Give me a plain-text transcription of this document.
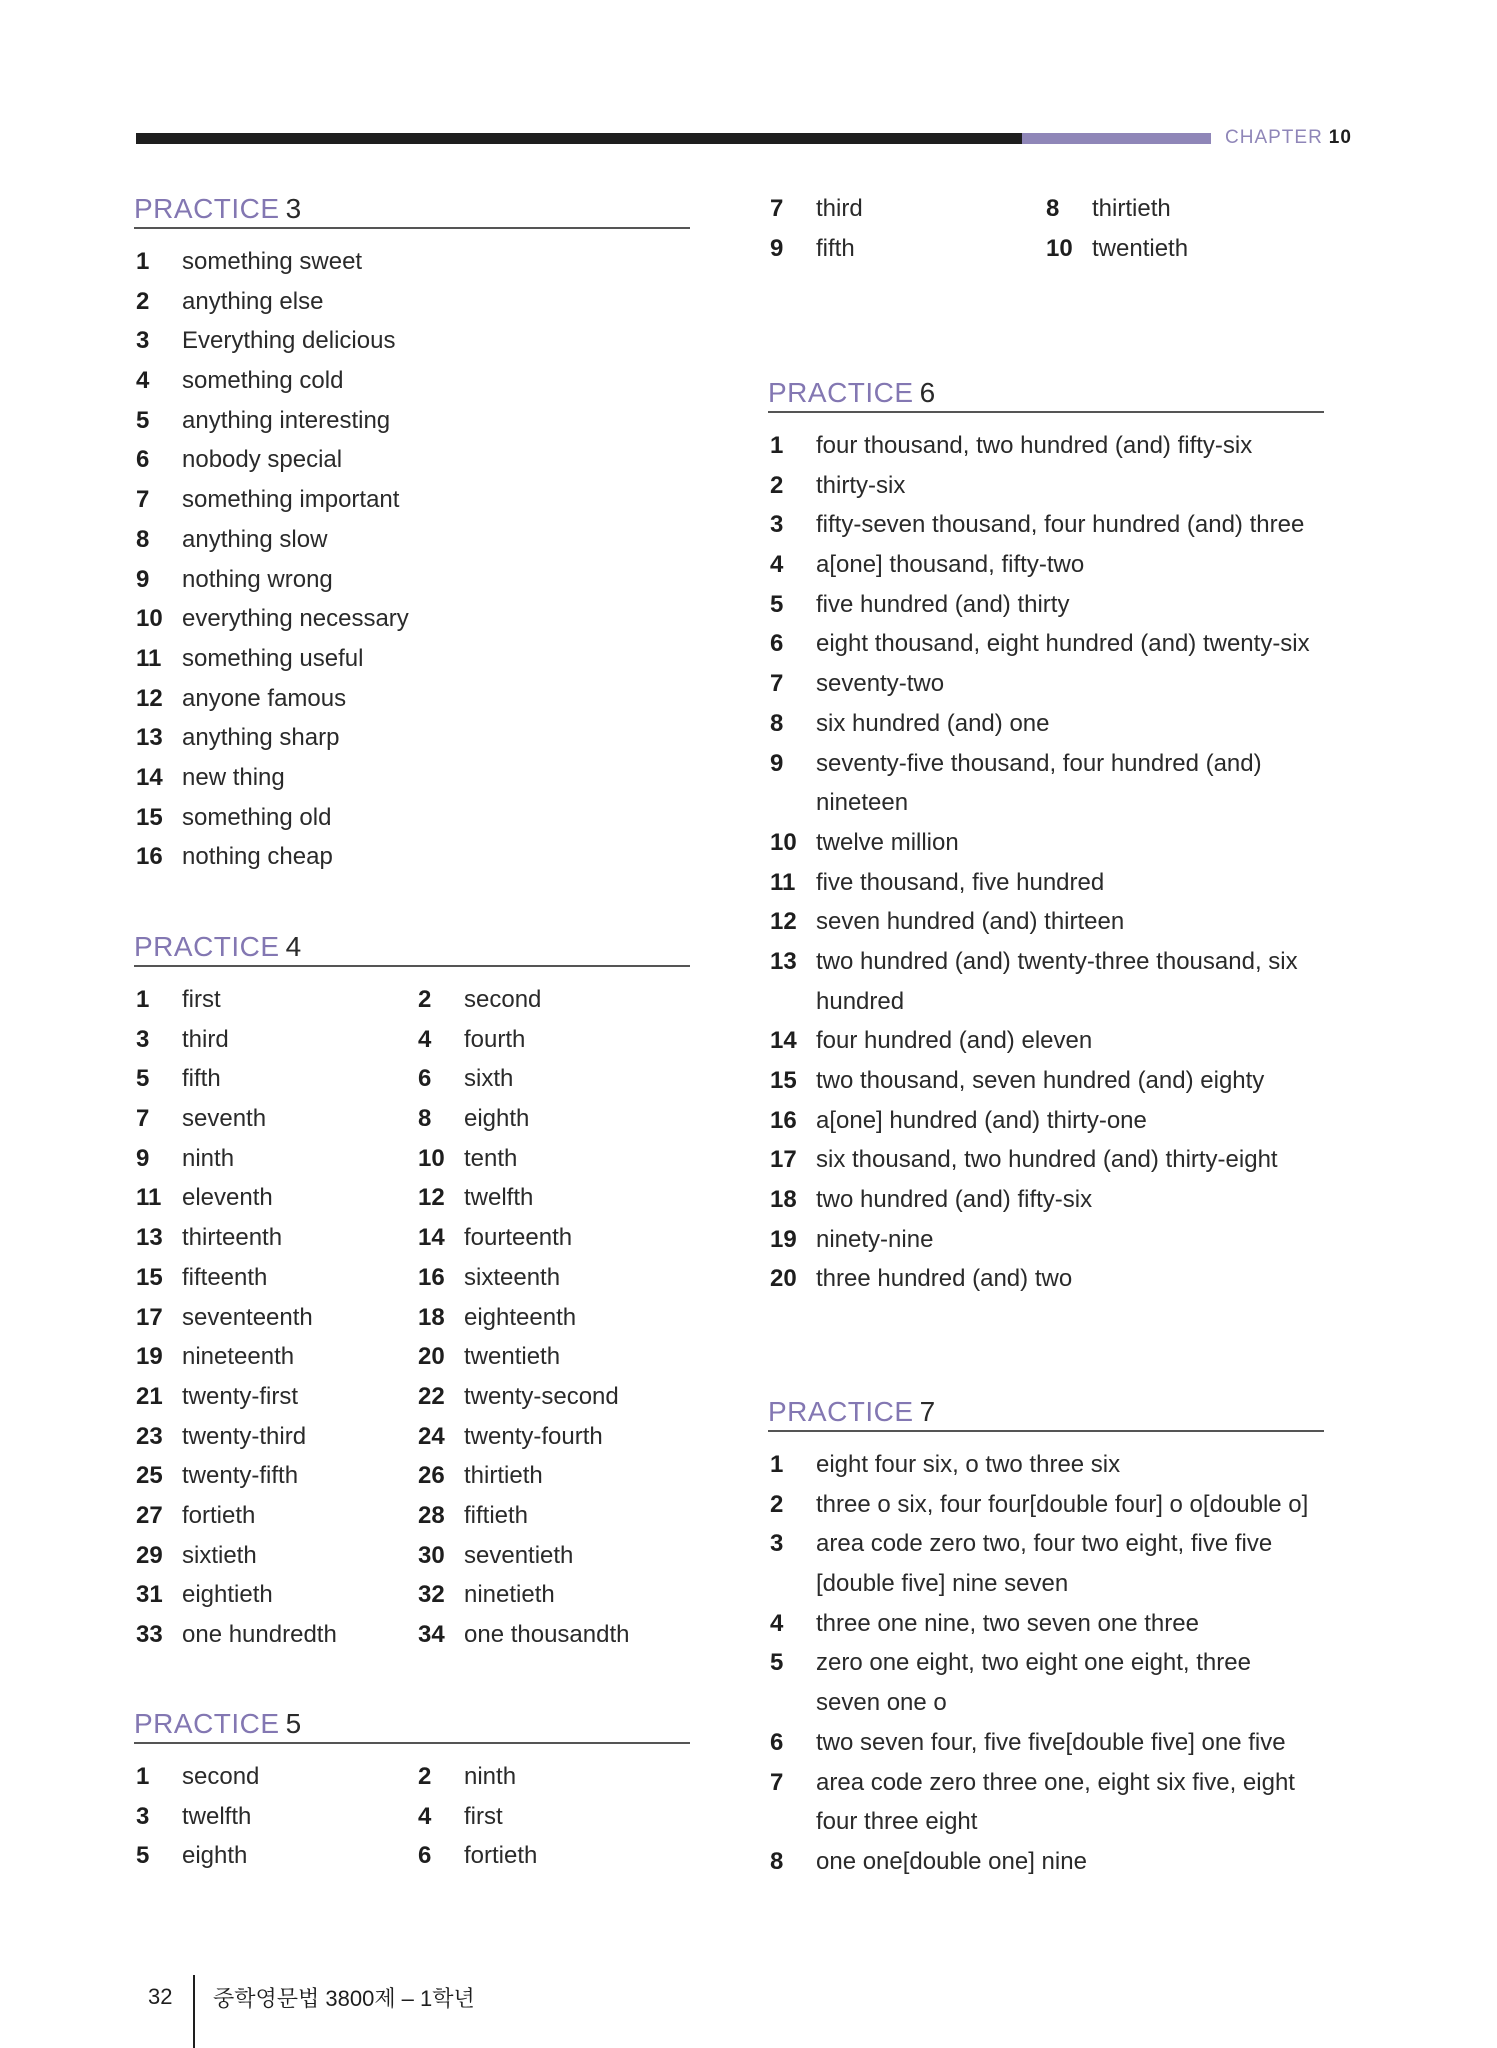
CHAPTER 10
PRACTICE 3
1 something sweet
2 anything else
3 Everything delicious
4 something cold
5 anything interesting
6 nobody special
7 something important
8 anything slow
9 nothing wrong
10 everything necessary
11 something useful
12 anyone famous
13 anything sharp
14 new thing
15 something old
16 nothing cheap
PRACTICE 4
1 first	2 second
3 third	4 fourth
5 fifth	6 sixth
7 seventh	8 eighth
9 ninth	10 tenth
11 eleventh	12 twelfth
13 thirteenth	14 fourteenth
15 fifteenth	16 sixteenth
17 seventeenth	18 eighteenth
19 nineteenth	20 twentieth
21 twenty-first	22 twenty-second
23 twenty-third	24 twenty-fourth
25 twenty-fifth	26 thirtieth
27 fortieth	28 fiftieth
29 sixtieth	30 seventieth
31 eightieth	32 ninetieth
33 one hundredth	34 one thousandth
PRACTICE 5
1 second	2 ninth
3 twelfth	4 first
5 eighth	6 fortieth
7 third	8 thirtieth
9 fifth	10 twentieth
PRACTICE 6
1 four thousand, two hundred (and) fifty-six
2 thirty-six
3 fifty-seven thousand, four hundred (and) three
4 a[one] thousand, fifty-two
5 five hundred (and) thirty
6 eight thousand, eight hundred (and) twenty-six
7 seventy-two
8 six hundred (and) one
9 seventy-five thousand, four hundred (and)
nineteen
10 twelve million
11 five thousand, five hundred
12 seven hundred (and) thirteen
13 two hundred (and) twenty-three thousand, six
hundred
14 four hundred (and) eleven
15 two thousand, seven hundred (and) eighty
16 a[one] hundred (and) thirty-one
17 six thousand, two hundred (and) thirty-eight
18 two hundred (and) fifty-six
19 ninety-nine
20 three hundred (and) two
PRACTICE 7
1 eight four six, o two three six
2 three o six, four four[double four] o o[double o]
3 area code zero two, four two eight, five five
[double five] nine seven
4 three one nine, two seven one three
5 zero one eight, two eight one eight, three
seven one o
6 two seven four, five five[double five] one five
7 area code zero three one, eight six five, eight
four three eight
8 one one[double one] nine
32 중학영문법 3800제 – 1학년
